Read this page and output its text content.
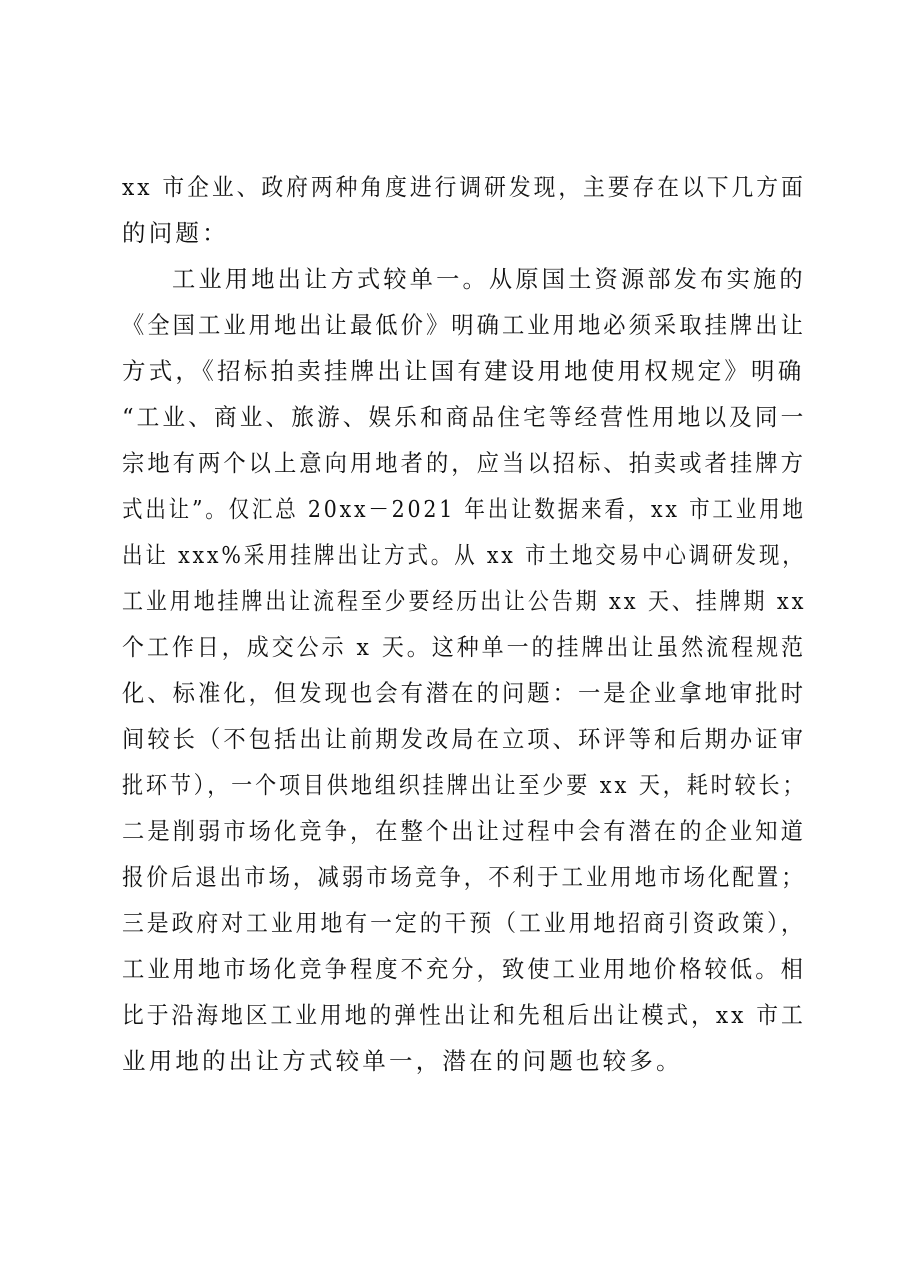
xx 市企业、政府两种角度进行调研发现，主要存在以下几方面
的问题：
工业用地出让方式较单一。从原国土资源部发布实施的
《全国工业用地出让最低价》明确工业用地必须采取挂牌出让
方式，《招标拍卖挂牌出让国有建设用地使用权规定》明确
“工业、商业、旅游、娱乐和商品住宅等经营性用地以及同一
宗地有两个以上意向用地者的，应当以招标、拍卖或者挂牌方
式出让”。仅汇总 20xx－2021 年出让数据来看，xx 市工业用地
出让 xxx%采用挂牌出让方式。从 xx 市土地交易中心调研发现，
工业用地挂牌出让流程至少要经历出让公告期 xx 天、挂牌期 xx
个工作日，成交公示 x 天。这种单一的挂牌出让虽然流程规范
化、标准化，但发现也会有潜在的问题：一是企业拿地审批时
间较长（不包括出让前期发改局在立项、环评等和后期办证审
批环节），一个项目供地组织挂牌出让至少要 xx 天，耗时较长；
二是削弱市场化竞争，在整个出让过程中会有潜在的企业知道
报价后退出市场，减弱市场竞争，不利于工业用地市场化配置；
三是政府对工业用地有一定的干预（工业用地招商引资政策），
工业用地市场化竞争程度不充分，致使工业用地价格较低。相
比于沿海地区工业用地的弹性出让和先租后出让模式，xx 市工
业用地的出让方式较单一，潜在的问题也较多。
